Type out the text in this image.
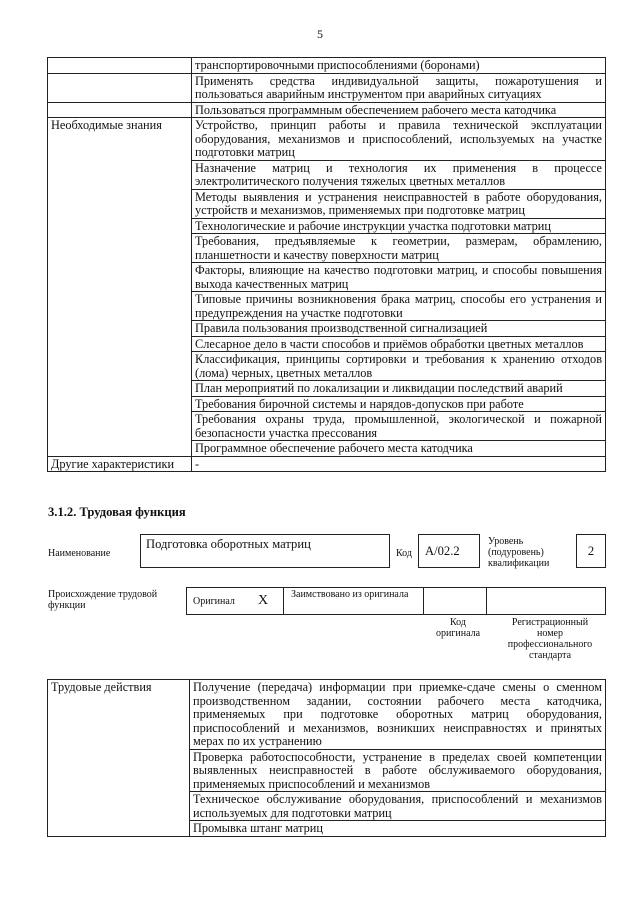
5
	транспортировочными приспособлениями (боронами)
	Применять средства индивидуальной защиты, пожаротушения и пользоваться аварийным инструментом при аварийных ситуациях
	Пользоваться программным обеспечением рабочего места катодчика
Необходимые знания	Устройство, принцип работы и правила технической эксплуатации оборудования, механизмов и приспособлений, используемых на участке подготовки матриц
	Назначение матриц и технология их применения в процессе электролитического получения тяжелых цветных металлов
	Методы выявления и устранения неисправностей в работе оборудования, устройств и механизмов, применяемых при подготовке матриц
	Технологические и рабочие инструкции участка подготовки матриц
	Требования, предъявляемые к геометрии, размерам, обрамлению, планшетности и качеству поверхности матриц
	Факторы, влияющие на качество подготовки матриц, и способы повышения выхода качественных матриц
	Типовые причины возникновения брака матриц, способы его устранения и предупреждения на участке подготовки
	Правила пользования производственной сигнализацией
	Слесарное дело в части способов и приёмов обработки цветных металлов
	Классификация, принципы сортировки и требования к хранению отходов (лома) черных, цветных металлов
	План мероприятий по локализации и ликвидации последствий аварий
	Требования бирочной системы и нарядов-допусков при работе
	Требования охраны труда, промышленной, экологической и пожарной безопасности участка прессования
	Программное обеспечение рабочего места катодчика
Другие характеристики	-
3.1.2. Трудовая функция
Наименование
Подготовка оборотных матриц
Код А/02.2
Уровень (подуровень) квалификации
2
Происхождение трудовой функции	Оригинал X Заимствовано из оригинала
Код оригинала
Регистрационный номер профессионального стандарта
Трудовые действия	Получение (передача) информации при приемке-сдаче смены о сменном производственном задании, состоянии рабочего места катодчика, применяемых при подготовке оборотных матриц оборудования, приспособлений и механизмов, возникших неисправностях и принятых мерах по их устранению
Проверка работоспособности, устранение в пределах своей компетенции выявленных неисправностей в работе обслуживаемого оборудования, применяемых приспособлений и механизмов
Техническое обслуживание оборудования, приспособлений и механизмов используемых для подготовки матриц
Промывка штанг матриц
